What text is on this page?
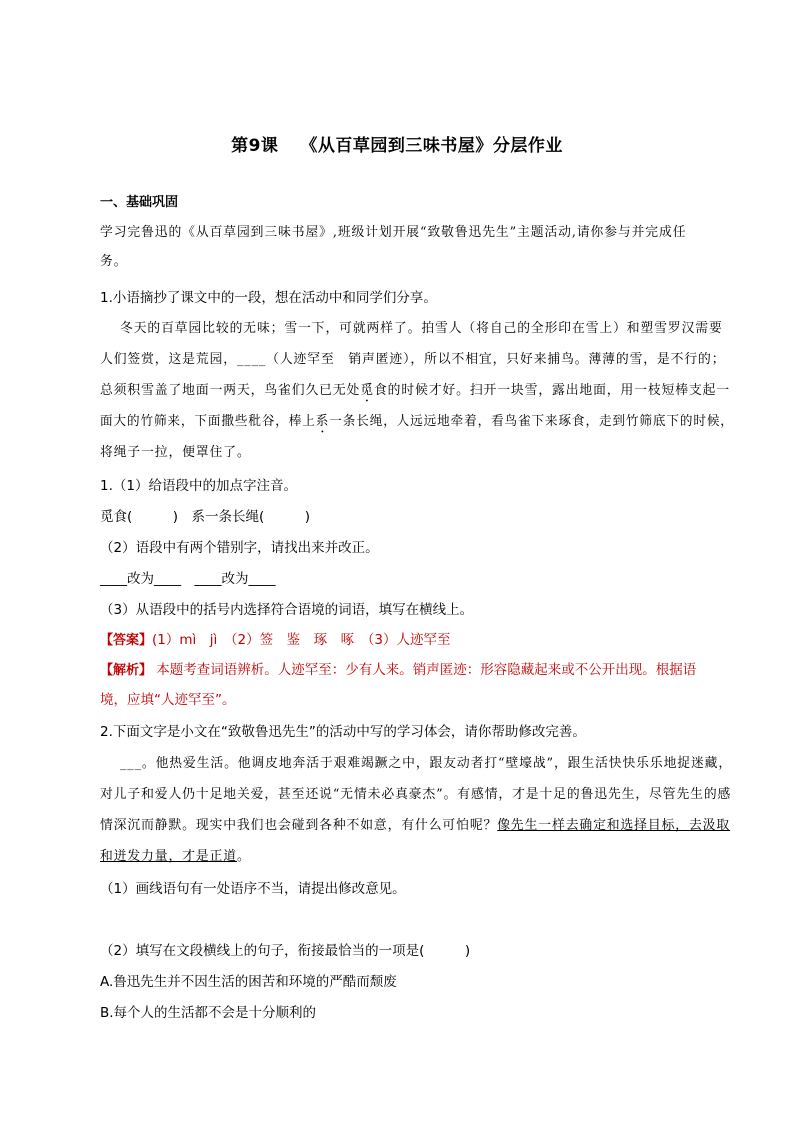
第9课 《从百草园到三味书屋》分层作业
一、基础巩固
学习完鲁迅的《从百草园到三味书屋》,班级计划开展“致敬鲁迅先生”主题活动,请你参与并完成任
务。
1.小语摘抄了课文中的一段，想在活动中和同学们分享。
冬天的百草园比较的无味；雪一下，可就两样了。拍雪人（将自己的全形印在雪上）和塑雪罗汉需要
人们签赏，这是荒园，____（人迹罕至　销声匿迹），所以不相宜，只好来捕鸟。薄薄的雪，是不行的；
总须积雪盖了地面一两天，鸟雀们久已无处觅食的时候才好。扫开一块雪，露出地面，用一枝短棒支起一
面大的竹筛来，下面撒些秕谷，棒上系一条长绳，人远远地牵着，看鸟雀下来琢食，走到竹筛底下的时候，
将绳子一拉，便罩住了。
1.（1）给语段中的加点字注音。
觅食(　　　)　系一条长绳(　　　)
（2）语段中有两个错别字，请找出来并改正。
____改为____　____改为____
（3）从语段中的括号内选择符合语境的词语，填写在横线上。
【答案】(1）mì　jì　（2）签　鉴　琢　啄　（3）人迹罕至
【解析】 本题考查词语辨析。人迹罕至：少有人来。销声匿迹：形容隐藏起来或不公开出现。根据语
境，应填“人迹罕至”。
2.下面文字是小文在“致敬鲁迅先生”的活动中写的学习体会，请你帮助修改完善。
___。他热爱生活。他调皮地奔活于艰难竭蹶之中，跟友动者打“壁壕战”，跟生活快快乐乐地捉迷藏，
对儿子和爱人仍十足地关爱，甚至还说“无情未必真豪杰”。有感情，才是十足的鲁迅先生，尽管先生的感
情深沉而静默。现实中我们也会碰到各种不如意，有什么可怕呢？像先生一样去确定和选择目标，去汲取
和迸发力量，才是正道。
（1）画线语句有一处语序不当，请提出修改意见。
（2）填写在文段横线上的句子，衔接最恰当的一项是(　　　)
A.鲁迅先生并不因生活的困苦和环境的严酷而颓废
B.每个人的生活都不会是十分顺利的
